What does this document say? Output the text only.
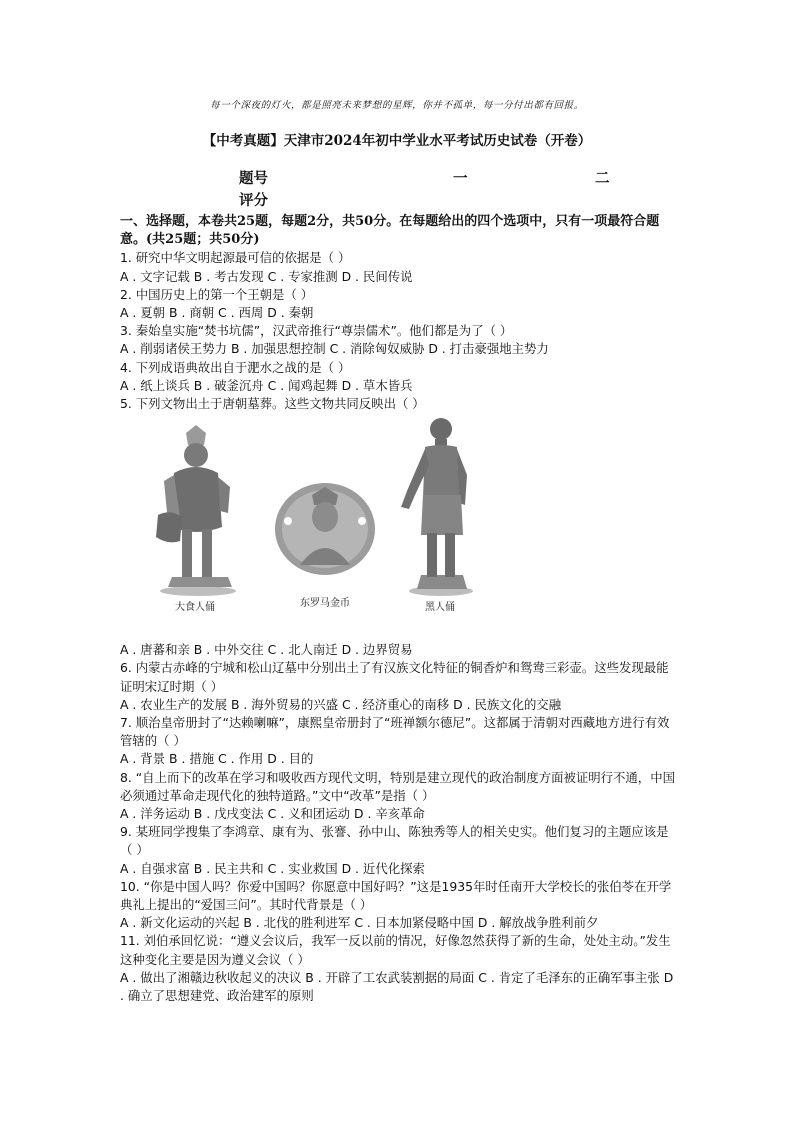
每一个深夜的灯火，都是照亮未来梦想的星辉，你并不孤单，每一分付出都有回报。
【中考真题】天津市2024年初中学业水平考试历史试卷（开卷）
题号	一	二
评分

一、选择题，本卷共25题，每题2分，共50分。在每题给出的四个选项中，只有一项最符合题意。(共25题；共50分)

1. 研究中华文明起源最可信的依据是（ ）

A . 文字记载 B . 考古发现 C . 专家推测 D . 民间传说

2. 中国历史上的第一个王朝是（ ）

A . 夏朝 B . 商朝 C . 西周 D . 秦朝

3. 秦始皇实施“焚书坑儒”，汉武帝推行“尊崇儒术”。他们都是为了（ ）

A . 削弱诸侯王势力 B . 加强思想控制 C . 消除匈奴威胁 D . 打击豪强地主势力

4. 下列成语典故出自于淝水之战的是（ ）

A . 纸上谈兵 B . 破釜沉舟 C . 闻鸡起舞 D . 草木皆兵

5. 下列文物出土于唐朝墓葬。这些文物共同反映出（ ）

大食人俑	东罗马金币	黑人俑

A . 唐蕃和亲 B . 中外交往 C . 北人南迁 D . 边界贸易

6. 内蒙古赤峰的宁城和松山辽墓中分别出土了有汉族文化特征的铜香炉和鸳鸯三彩壶。这些发现最能证明宋辽时期（ ）

A . 农业生产的发展 B . 海外贸易的兴盛 C . 经济重心的南移 D . 民族文化的交融

7. 顺治皇帝册封了“达赖喇嘛”，康熙皇帝册封了“班禅额尔德尼”。这都属于清朝对西藏地方进行有效管辖的（ ）

A . 背景 B . 措施 C . 作用 D . 目的

8. “自上而下的改革在学习和吸收西方现代文明，特别是建立现代的政治制度方面被证明行不通，中国必须通过革命走现代化的独特道路。”文中“改革”是指（ ）

A . 洋务运动 B . 戊戌变法 C . 义和团运动 D . 辛亥革命

9. 某班同学搜集了李鸿章、康有为、张謇、孙中山、陈独秀等人的相关史实。他们复习的主题应该是（ ）

A . 自强求富 B . 民主共和 C . 实业救国 D . 近代化探索

10. “你是中国人吗？你爱中国吗？你愿意中国好吗？”这是1935年时任南开大学校长的张伯苓在开学典礼上提出的“爱国三问”。其时代背景是（ ）

A . 新文化运动的兴起 B . 北伐的胜利进军 C . 日本加紧侵略中国 D . 解放战争胜利前夕

11. 刘伯承回忆说：“遵义会议后，我军一反以前的情况，好像忽然获得了新的生命，处处主动。”发生这种变化主要是因为遵义会议（ ）

A . 做出了湘赣边秋收起义的决议 B . 开辟了工农武装割据的局面 C . 肯定了毛泽东的正确军事主张 D . 确立了思想建党、政治建军的原则
